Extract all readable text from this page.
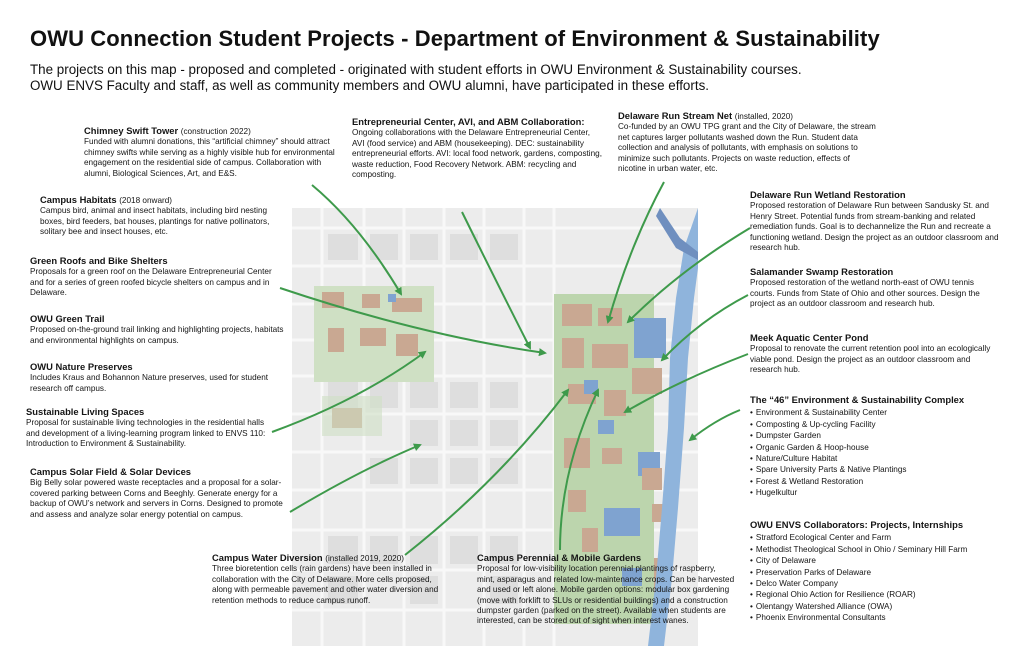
OWU Connection Student Projects - Department of Environment & Sustainability
The projects on this map - proposed and completed - originated with student efforts in OWU Environment & Sustainability courses.
OWU ENVS Faculty and staff, as well as community members and OWU alumni, have participated in these efforts.
Chimney Swift Tower (construction 2022)
Funded with alumni donations, this “artificial chimney” should attract chimney swifts while serving as a highly visible hub for environmental engagement on the residential side of campus. Collaboration with alumni, Biological Sciences, Art, and E&S.
Campus Habitats (2018 onward)
Campus bird, animal and insect habitats, including bird nesting boxes, bird feeders, bat houses, plantings for native pollinators, solitary bee and insect houses, etc.
Green Roofs and Bike Shelters
Proposals for a green roof on the Delaware Entrepreneurial Center and for a series of green roofed bicycle shelters on campus and in Delaware.
OWU Green Trail
Proposed on-the-ground trail linking and highlighting projects, habitats and environmental highlights on campus.
OWU Nature Preserves
Includes Kraus and Bohannon Nature preserves, used for student research off campus.
Sustainable Living Spaces
Proposal for sustainable living technologies in the residential halls and development of a living-learning program linked to ENVS 110: Introduction to Environment & Sustainability.
Campus Solar Field & Solar Devices
Big Belly solar powered waste receptacles and a proposal for a solar-covered parking between Corns and Beeghly. Generate energy for a backup of OWU’s network and servers in Corns. Designed to promote and assess and analyze solar energy potential on campus.
Campus Water Diversion (installed 2019, 2020)
Three bioretention cells (rain gardens) have been installed in collaboration with the City of Delaware. More cells proposed, along with permeable pavement and other water diversion and retention methods to reduce campus runoff.
Campus Perennial & Mobile Gardens
Proposal for low-visibility location perennial plantings of raspberry, mint, asparagus and related low-maintenance crops. Can be harvested and used or left alone. Mobile garden options: modular box gardening (move with forklift to SLUs or residential buildings) and a construction dumpster garden (parked on the street). Available when students are interested, can be stored out of sight when interest wanes.
Entrepreneurial Center, AVI, and ABM Collaboration: Ongoing collaborations with the Delaware Entrepreneurial Center, AVI (food service) and ABM (housekeeping). DEC: sustainability entrepreneurial efforts. AVI: local food network, gardens, composting, waste reduction, Food Recovery Network. ABM: recycling and composting.
Delaware Run Stream Net (installed, 2020)
Co-funded by an OWU TPG grant and the City of Delaware, the stream net captures larger pollutants washed down the Run. Student data collection and analysis of pollutants, with emphasis on solutions to minimize such pollutants. Projects on waste reduction, effects of nicotine in urban water, etc.
Delaware Run Wetland Restoration
Proposed restoration of Delaware Run between Sandusky St. and Henry Street. Potential funds from stream-banking and related remediation funds. Goal is to dechannelize the Run and recreate a functioning wetland. Design the project as an outdoor classroom and research hub.
Salamander Swamp Restoration
Proposed restoration of the wetland north-east of OWU tennis courts. Funds from State of Ohio and other sources. Design the project as an outdoor classroom and research hub.
Meek Aquatic Center Pond
Proposal to renovate the current retention pool into an ecologically viable pond. Design the project as an outdoor classroom and research hub.
The “46” Environment & Sustainability Complex
• Environment & Sustainability Center
• Composting & Up-cycling Facility
• Dumpster Garden
• Organic Garden & Hoop-house
• Nature/Culture Habitat
• Spare University Parts & Native Plantings
• Forest & Wetland Restoration
• Hugelkultur
OWU ENVS Collaborators: Projects, Internships
• Stratford Ecological Center and Farm
• Methodist Theological School in Ohio / Seminary Hill Farm
• City of Delaware
• Preservation Parks of Delaware
• Delco Water Company
• Regional Ohio Action for Resilience (ROAR)
• Olentangy Watershed Alliance (OWA)
• Phoenix Environmental Consultants
